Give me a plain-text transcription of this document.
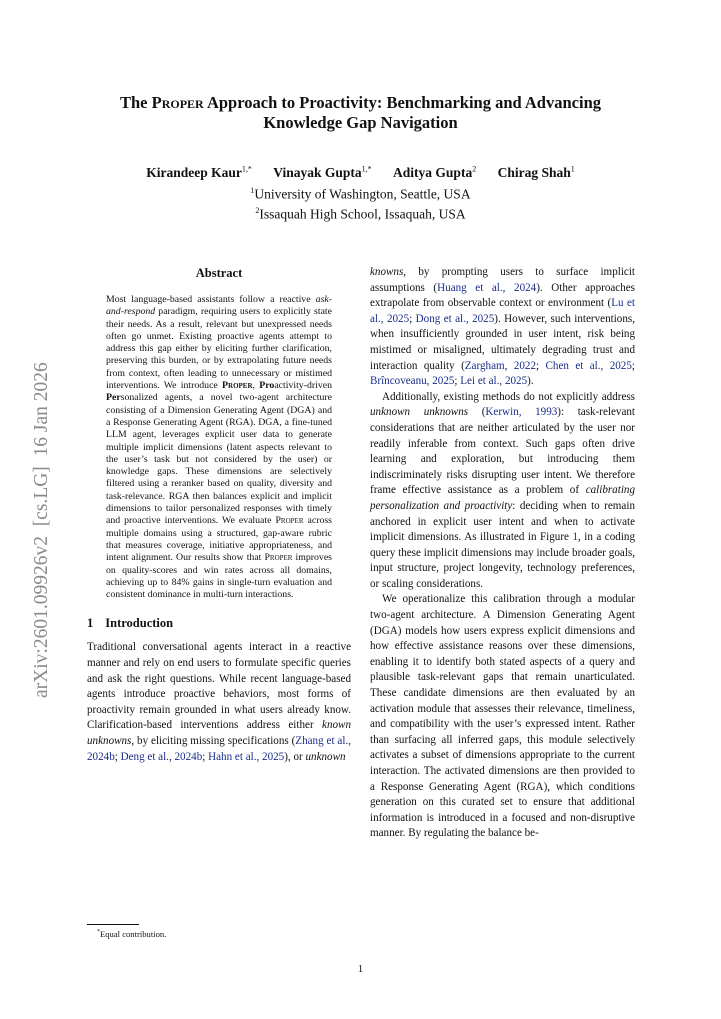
arXiv:2601.09926v2  [cs.LG]  16 Jan 2026
The Proper Approach to Proactivity: Benchmarking and Advancing
Knowledge Gap Navigation
Kirandeep Kaur$^{1,*}$ Vinayak Gupta$^{1,*}$ Aditya Gupta$^2$ Chirag Shah$^1$
$^1$University of Washington, Seattle, USA
$^2$Issaquah High School, Issaquah, USA
Abstract

Most language-based assistants follow a reactive ask-and-respond paradigm, requiring users to explicitly state their needs. As a result, relevant but unexpressed needs often go unmet. Existing proactive agents attempt to address this gap either by eliciting further clarification, preserving this burden, or by extrapolating future needs from context, often leading to unnecessary or mistimed interventions. We introduce Proper, Proactivity-driven Personalized agents, a novel two-agent architecture consisting of a Dimension Generating Agent (DGA) and a Response Generating Agent (RGA). DGA, a fine-tuned LLM agent, leverages explicit user data to generate multiple implicit dimensions (latent aspects relevant to the user’s task but not considered by the user) or knowledge gaps. These dimensions are selectively filtered using a reranker based on quality, diversity and task-relevance. RGA then balances explicit and implicit dimensions to tailor personalized responses with timely and proactive interventions. We evaluate Proper across multiple domains using a structured, gap-aware rubric that measures coverage, initiative appropriateness, and intent alignment. Our results show that Proper improves on quality-scores and win rates across all domains, achieving up to 84% gains in single-turn evaluation and consistent dominance in multi-turn interactions.

1 Introduction

Traditional conversational agents interact in a reactive manner and rely on end users to formulate specific queries and ask the right questions. While recent language-based agents introduce proactive behaviors, most forms of proactivity remain grounded in what users already know. Clarification-based interventions address either known unknowns, by eliciting missing specifications (Zhang et al., 2024b; Deng et al., 2024b; Hahn et al., 2025), or unknown

knowns, by prompting users to surface implicit assumptions (Huang et al., 2024). Other approaches extrapolate from observable context or environment (Lu et al., 2025; Dong et al., 2025). However, such interventions, when insufficiently grounded in user intent, risk being mistimed or misaligned, ultimately degrading trust and interaction quality (Zargham, 2022; Chen et al., 2025; Brîncoveanu, 2025; Lei et al., 2025).

Additionally, existing methods do not explicitly address unknown unknowns (Kerwin, 1993): task-relevant considerations that are neither articulated by the user nor readily inferable from context. Such gaps often drive learning and exploration, but introducing them indiscriminately risks disrupting user intent. We therefore frame effective assistance as a problem of calibrating personalization and proactivity: deciding when to remain anchored in explicit user intent and when to activate implicit dimensions. As illustrated in Figure 1, in a coding query these implicit dimensions may include broader goals, input structure, project longevity, technology preferences, or scaling considerations.

We operationalize this calibration through a modular two-agent architecture. A Dimension Generating Agent (DGA) models how users express explicit dimensions and how effective assistance reasons over these dimensions, enabling it to identify both stated aspects of a query and plausible task-relevant gaps that remain unarticulated. These candidate dimensions are then evaluated by an activation module that assesses their relevance, timeliness, and compatibility with the user’s expressed intent. Rather than surfacing all inferred gaps, this module selectively activates a subset of dimensions appropriate to the current interaction. The activated dimensions are then provided to a Response Generating Agent (RGA), which conditions generation on this curated set to ensure that additional information is introduced in a focused and non-disruptive manner. By regulating the balance be-

*Equal contribution.
1
